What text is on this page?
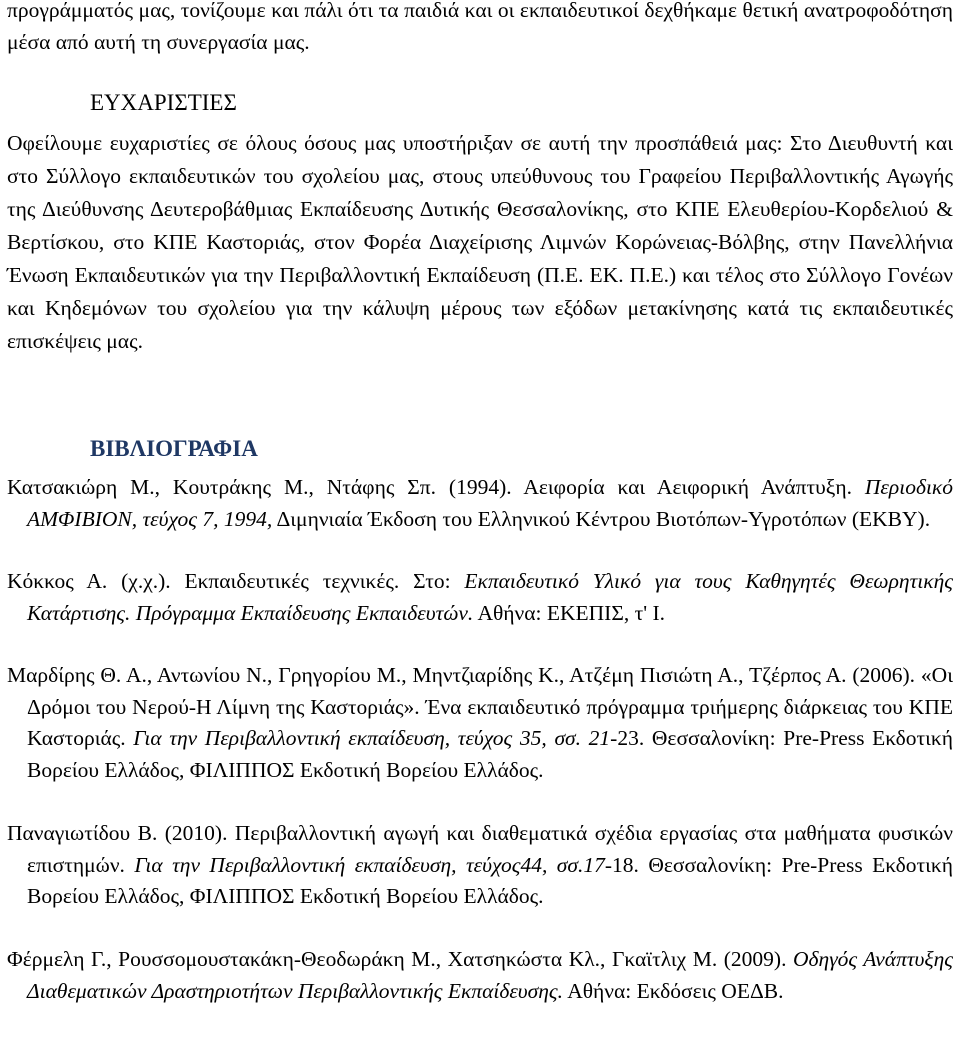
προγράμματός μας, τονίζουμε και πάλι ότι τα παιδιά και οι εκπαιδευτικοί δεχθήκαμε θετική ανατροφοδότηση μέσα από αυτή τη συνεργασία μας.

ΕΥΧΑΡΙΣΤΙΕΣ

Οφείλουμε ευχαριστίες σε όλους όσους μας υποστήριξαν σε αυτή την προσπάθειά μας: Στο Διευθυντή και στο Σύλλογο εκπαιδευτικών του σχολείου μας, στους υπεύθυνους του Γραφείου Περιβαλλοντικής Αγωγής της Διεύθυνσης Δευτεροβάθμιας Εκπαίδευσης Δυτικής Θεσσαλονίκης, στο ΚΠΕ Ελευθερίου-Κορδελιού & Βερτίσκου, στο ΚΠΕ Καστοριάς, στον Φορέα Διαχείρισης Λιμνών Κορώνειας-Βόλβης, στην Πανελλήνια Ένωση Εκπαιδευτικών για την Περιβαλλοντική Εκπαίδευση (Π.Ε. ΕΚ. Π.Ε.) και τέλος στο Σύλλογο Γονέων και Κηδεμόνων του σχολείου για την κάλυψη μέρους των εξόδων μετακίνησης κατά τις εκπαιδευτικές επισκέψεις μας.

ΒΙΒΛΙΟΓΡΑΦΙΑ
Κατσακιώρη Μ., Κουτράκης Μ., Ντάφης Σπ. (1994). Αειφορία και Αειφορική Ανάπτυξη. Περιοδικό ΑΜΦΙΒΙΟΝ, τεύχος 7, 1994, Διμηνιαία Έκδοση του Ελληνικού Κέντρου Βιοτόπων-Υγροτόπων (ΕΚΒΥ).
Κόκκος Α. (χ.χ.). Εκπαιδευτικές τεχνικές. Στο: Εκπαιδευτικό Υλικό για τους Καθηγητές Θεωρητικής Κατάρτισης. Πρόγραμμα Εκπαίδευσης Εκπαιδευτών. Αθήνα: ΕΚΕΠΙΣ, τ' Ι.
Μαρδίρης Θ. Α., Αντωνίου Ν., Γρηγορίου Μ., Μηντζιαρίδης Κ., Ατζέμη Πισιώτη Α., Τζέρπος Α. (2006). «Οι Δρόμοι του Νερού-Η Λίμνη της Καστοριάς». Ένα εκπαιδευτικό πρόγραμμα τριήμερης διάρκειας του ΚΠΕ Καστοριάς. Για την Περιβαλλοντική εκπαίδευση, τεύχος 35, σσ. 21-23. Θεσσαλονίκη: Pre-Press Εκδοτική Βορείου Ελλάδος, ΦΙΛΙΠΠΟΣ Εκδοτική Βορείου Ελλάδος.
Παναγιωτίδου Β. (2010). Περιβαλλοντική αγωγή και διαθεματικά σχέδια εργασίας στα μαθήματα φυσικών επιστημών. Για την Περιβαλλοντική εκπαίδευση, τεύχος44, σσ.17-18. Θεσσαλονίκη: Pre-Press Εκδοτική Βορείου Ελλάδος, ΦΙΛΙΠΠΟΣ Εκδοτική Βορείου Ελλάδος.
Φέρμελη Γ., Ρουσσομουστακάκη-Θεοδωράκη Μ., Χατσηκώστα Κλ., Γκαϊτλιχ Μ. (2009). Οδηγός Ανάπτυξης Διαθεματικών Δραστηριοτήτων Περιβαλλοντικής Εκπαίδευσης. Αθήνα: Εκδόσεις ΟΕΔΒ.
